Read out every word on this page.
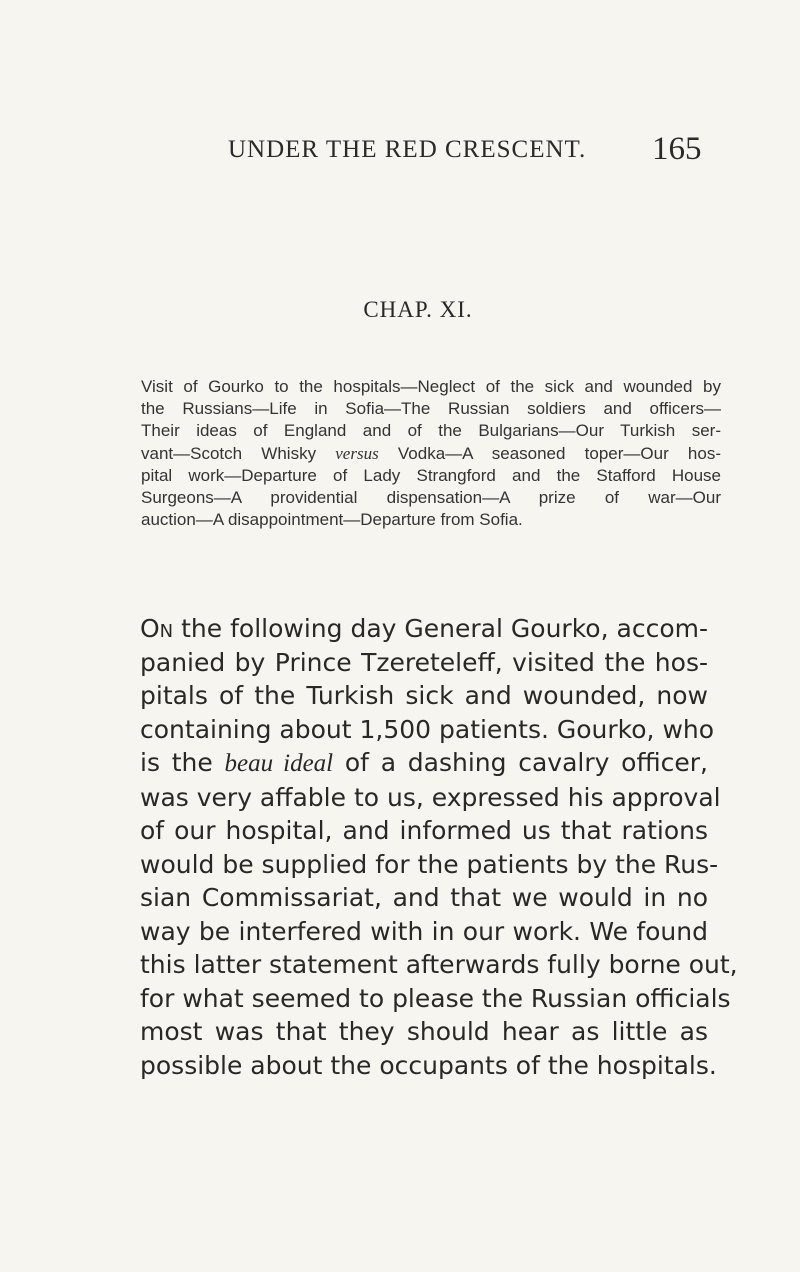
UNDER THE RED CRESCENT. 165
CHAP. XI.
Visit of Gourko to the hospitals—Neglect of the sick and wounded by
the Russians—Life in Sofia—The Russian soldiers and officers—
Their ideas of England and of the Bulgarians—Our Turkish ser-
vant—Scotch Whisky versus Vodka—A seasoned toper—Our hos-
pital work—Departure of Lady Strangford and the Stafford House
Surgeons—A providential dispensation—A prize of war—Our
auction—A disappointment—Departure from Sofia.
On the following day General Gourko, accom-
panied by Prince Tzereteleff, visited the hos-
pitals of the Turkish sick and wounded, now
containing about 1,500 patients. Gourko, who
is the beau ideal of a dashing cavalry officer,
was very affable to us, expressed his approval
of our hospital, and informed us that rations
would be supplied for the patients by the Rus-
sian Commissariat, and that we would in no
way be interfered with in our work. We found
this latter statement afterwards fully borne out,
for what seemed to please the Russian officials
most was that they should hear as little as
possible about the occupants of the hospitals.
